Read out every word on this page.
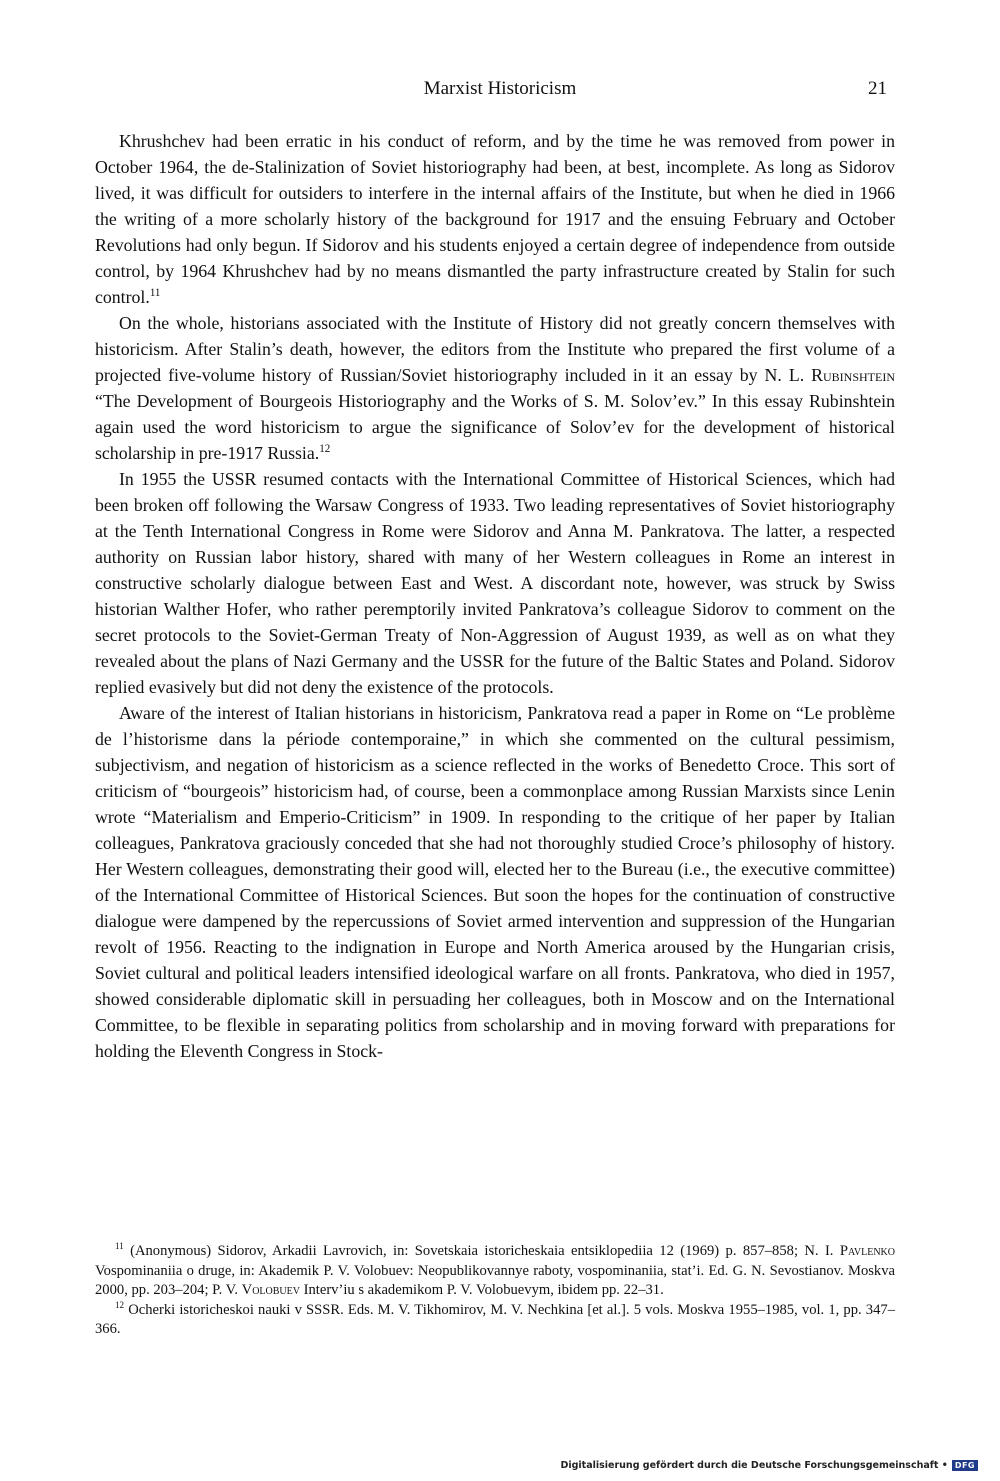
Marxist Historicism	21

Khrushchev had been erratic in his conduct of reform, and by the time he was removed from power in October 1964, the de-Stalinization of Soviet historiography had been, at best, incomplete. As long as Sidorov lived, it was difficult for outsiders to interfere in the internal affairs of the Institute, but when he died in 1966 the writing of a more scholarly history of the background for 1917 and the ensuing February and October Revolutions had only begun. If Sidorov and his students enjoyed a certain degree of independence from outside control, by 1964 Khrushchev had by no means dismantled the party infrastructure created by Stalin for such control.$^{11}$

On the whole, historians associated with the Institute of History did not greatly concern themselves with historicism. After Stalin’s death, however, the editors from the Institute who prepared the first volume of a projected five-volume history of Russian/Soviet historiography included in it an essay by N. L. Rubinshtein “The Development of Bourgeois Historiography and the Works of S. M. Solov’ev.” In this essay Rubinshtein again used the word historicism to argue the significance of Solov’ev for the development of historical scholarship in pre-1917 Russia.$^{12}$

In 1955 the USSR resumed contacts with the International Committee of Historical Sciences, which had been broken off following the Warsaw Congress of 1933. Two leading representatives of Soviet historiography at the Tenth International Congress in Rome were Sidorov and Anna M. Pankratova. The latter, a respected authority on Russian labor history, shared with many of her Western colleagues in Rome an interest in constructive scholarly dialogue between East and West. A discordant note, however, was struck by Swiss historian Walther Hofer, who rather peremptorily invited Pankratova’s colleague Sidorov to comment on the secret protocols to the Soviet-German Treaty of Non-Aggression of August 1939, as well as on what they revealed about the plans of Nazi Germany and the USSR for the future of the Baltic States and Poland. Sidorov replied evasively but did not deny the existence of the protocols.

Aware of the interest of Italian historians in historicism, Pankratova read a paper in Rome on “Le problème de l’historisme dans la période contemporaine,” in which she commented on the cultural pessimism, subjectivism, and negation of historicism as a science reflected in the works of Benedetto Croce. This sort of criticism of “bourgeois” historicism had, of course, been a commonplace among Russian Marxists since Lenin wrote “Materialism and Emperio-Criticism” in 1909. In responding to the critique of her paper by Italian colleagues, Pankratova graciously conceded that she had not thoroughly studied Croce’s philosophy of history. Her Western colleagues, demonstrating their good will, elected her to the Bureau (i.e., the executive committee) of the International Committee of Historical Sciences. But soon the hopes for the continuation of constructive dialogue were dampened by the repercussions of Soviet armed intervention and suppression of the Hungarian revolt of 1956. Reacting to the indignation in Europe and North America aroused by the Hungarian crisis, Soviet cultural and political leaders intensified ideological warfare on all fronts. Pankratova, who died in 1957, showed considerable diplomatic skill in persuading her colleagues, both in Moscow and on the International Committee, to be flexible in separating politics from scholarship and in moving forward with preparations for holding the Eleventh Congress in Stock-

$^{11}$ (Anonymous) Sidorov, Arkadii Lavrovich, in: Sovetskaia istoricheskaia entsiklopediia 12 (1969) p. 857–858; N. I. Pavlenko Vospominaniia o druge, in: Akademik P. V. Volobuev: Neopublikovannye raboty, vospominaniia, stat’i. Ed. G. N. Sevostianov. Moskva 2000, pp. 203–204; P. V. Volobuev Interv’iu s akademikom P. V. Volobuevym, ibidem pp. 22–31.

$^{12}$ Ocherki istoricheskoi nauki v SSSR. Eds. M. V. Tikhomirov, M. V. Nechkina [et al.]. 5 vols. Moskva 1955–1985, vol. 1, pp. 347–366.

Digitalisierung gefördert durch die Deutsche Forschungsgemeinschaft • DFG
